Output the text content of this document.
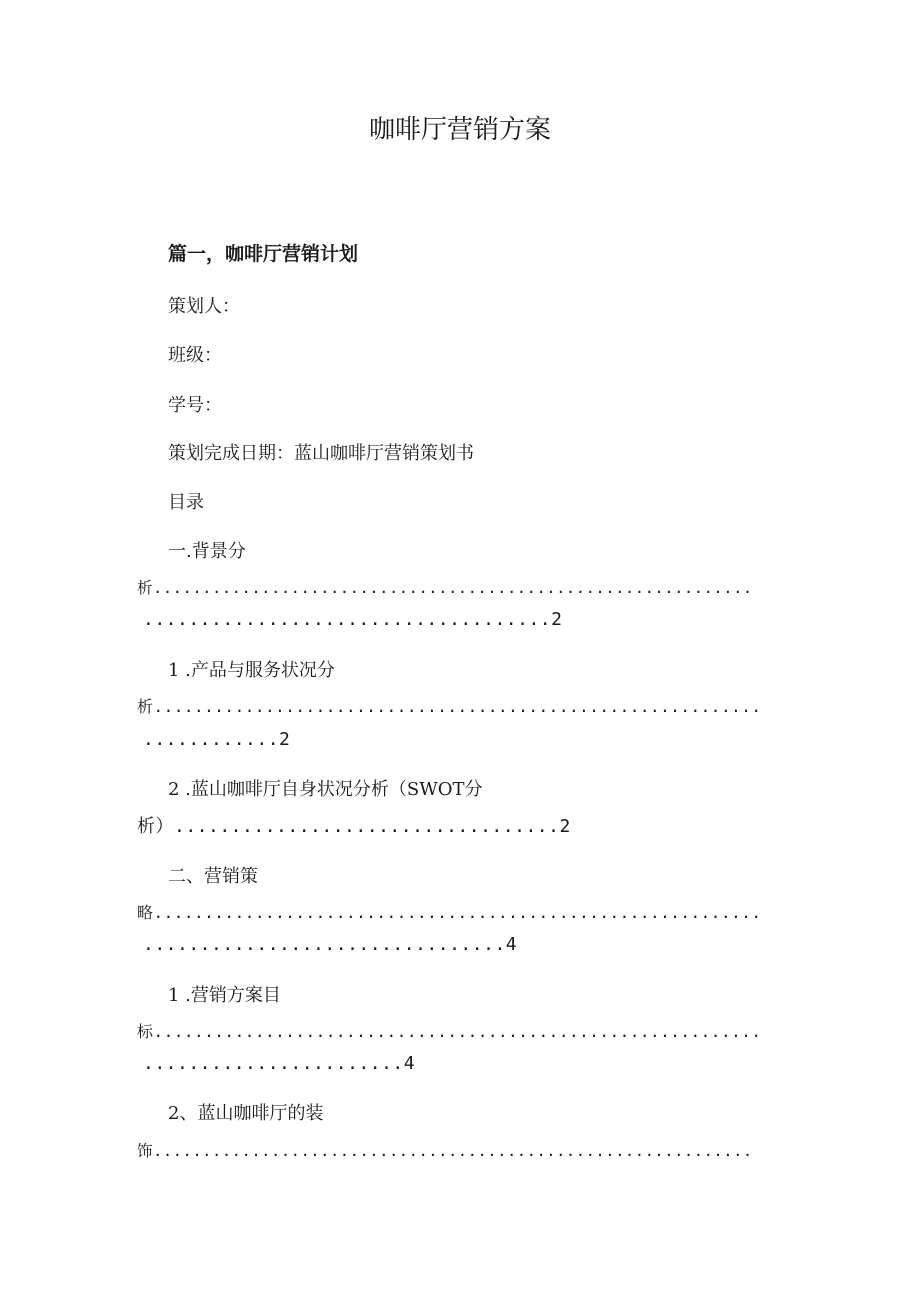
咖啡厅营销方案
篇一，咖啡厅营销计划

策划人：

班级：

学号：

策划完成日期：蓝山咖啡厅营销策划书

目录

一.背景分

析.............................................................

....................................2

1 .产品与服务状况分

析............................................................

............2

2 .蓝山咖啡厅自身状况分析（SWOT分

析）..................................2

二、营销策

略............................................................

................................4

1 .营销方案目

标............................................................

.......................4

2、蓝山咖啡厅的装

饰.............................................................
